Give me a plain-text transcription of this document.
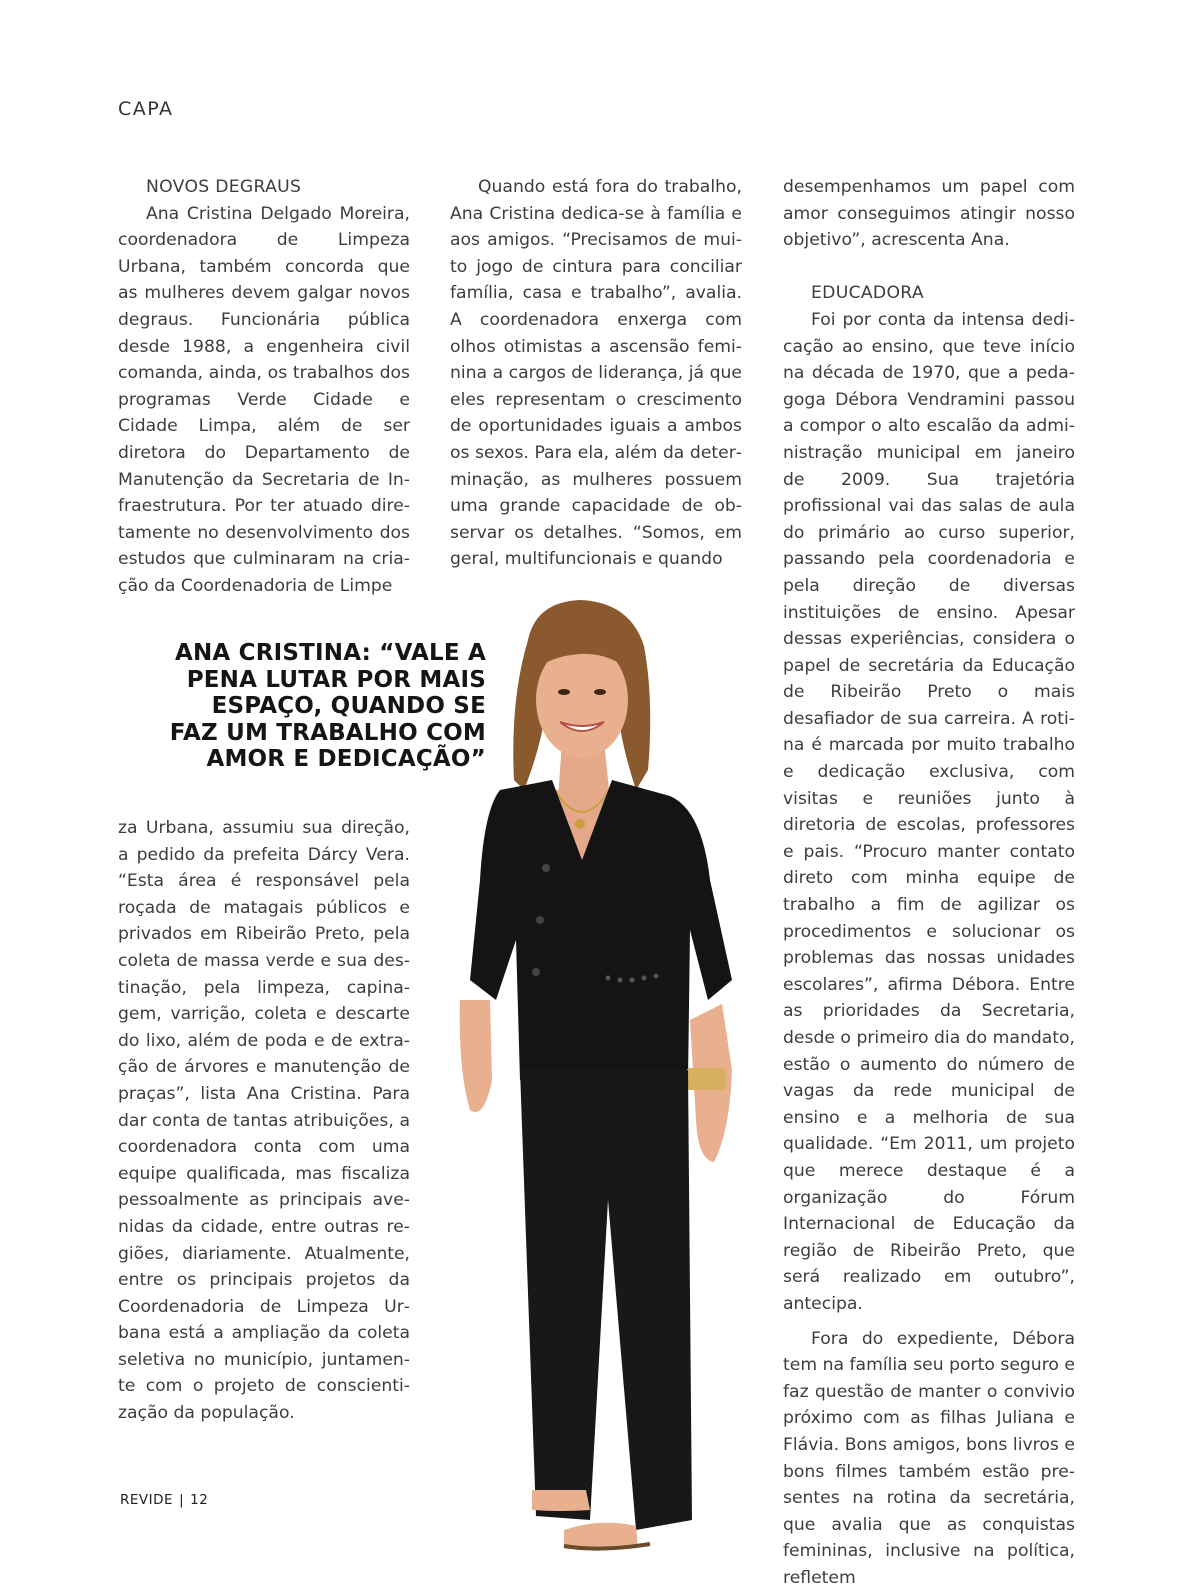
CAPA
NOVOS DEGRAUS

Ana Cristina Delgado Moreira, coordenadora de Limpeza Urbana, também concorda que as mulheres devem galgar novos degraus. Funcionária pública desde 1988, a engenheira civil comanda, ainda, os trabalhos dos programas Verde Cidade e Cidade Limpa, além de ser diretora do Departamento de Manutenção da Secretaria de Infraestrutura. Por ter atuado diretamente no desenvolvimento dos estudos que culminaram na criação da Coordenadoria de Limpe

ANA CRISTINA: “VALE A PENA LUTAR POR MAIS ESPAÇO, QUANDO SE FAZ UM TRABALHO COM AMOR E DEDICAÇÃO”

za Urbana, assumiu sua direção, a pedido da prefeita Dárcy Vera. “Esta área é responsável pela roçada de matagais públicos e privados em Ribeirão Preto, pela coleta de massa verde e sua destinação, pela limpeza, capinagem, varrição, coleta e descarte do lixo, além de poda e de extração de árvores e manutenção de praças”, lista Ana Cristina. Para dar conta de tantas atribuições, a coordenadora conta com uma equipe qualificada, mas fiscaliza pessoalmente as principais avenidas da cidade, entre outras regiões, diariamente. Atualmente, entre os principais projetos da Coordenadoria de Limpeza Urbana está a ampliação da coleta seletiva no município, juntamente com o projeto de conscientização da população.

Quando está fora do trabalho, Ana Cristina dedica-se à família e aos amigos. “Precisamos de muito jogo de cintura para conciliar família, casa e trabalho”, avalia. A coordenadora enxerga com olhos otimistas a ascensão feminina a cargos de liderança, já que eles representam o crescimento de oportunidades iguais a ambos os sexos. Para ela, além da determinação, as mulheres possuem uma grande capacidade de observar os detalhes. “Somos, em geral, multifuncionais e quando

desempenhamos um papel com amor conseguimos atingir nosso objetivo”, acrescenta Ana.

EDUCADORA

Foi por conta da intensa dedicação ao ensino, que teve início na década de 1970, que a pedagoga Débora Vendramini passou a compor o alto escalão da administração municipal em janeiro de 2009. Sua trajetória profissional vai das salas de aula do primário ao curso superior, passando pela coordenadoria e pela direção de diversas instituições de ensino. Apesar dessas experiências, considera o papel de secretária da Educação de Ribeirão Preto o mais desafiador de sua carreira. A rotina é marcada por muito trabalho e dedicação exclusiva, com visitas e reuniões junto à diretoria de escolas, professores e pais. “Procuro manter contato direto com minha equipe de trabalho a fim de agilizar os procedimentos e solucionar os problemas das nossas unidades escolares”, afirma Débora. Entre as prioridades da Secretaria, desde o primeiro dia do mandato, estão o aumento do número de vagas da rede municipal de ensino e a melhoria de sua qualidade. “Em 2011, um projeto que merece destaque é a organização do Fórum Internacional de Educação da região de Ribeirão Preto, que será realizado em outubro”, antecipa.

Fora do expediente, Débora tem na família seu porto seguro e faz questão de manter o convivio próximo com as filhas Juliana e Flávia. Bons amigos, bons livros e bons filmes também estão presentes na rotina da secretária, que avalia que as conquistas femininas, inclusive na política, refletem

REVIDE | 12
